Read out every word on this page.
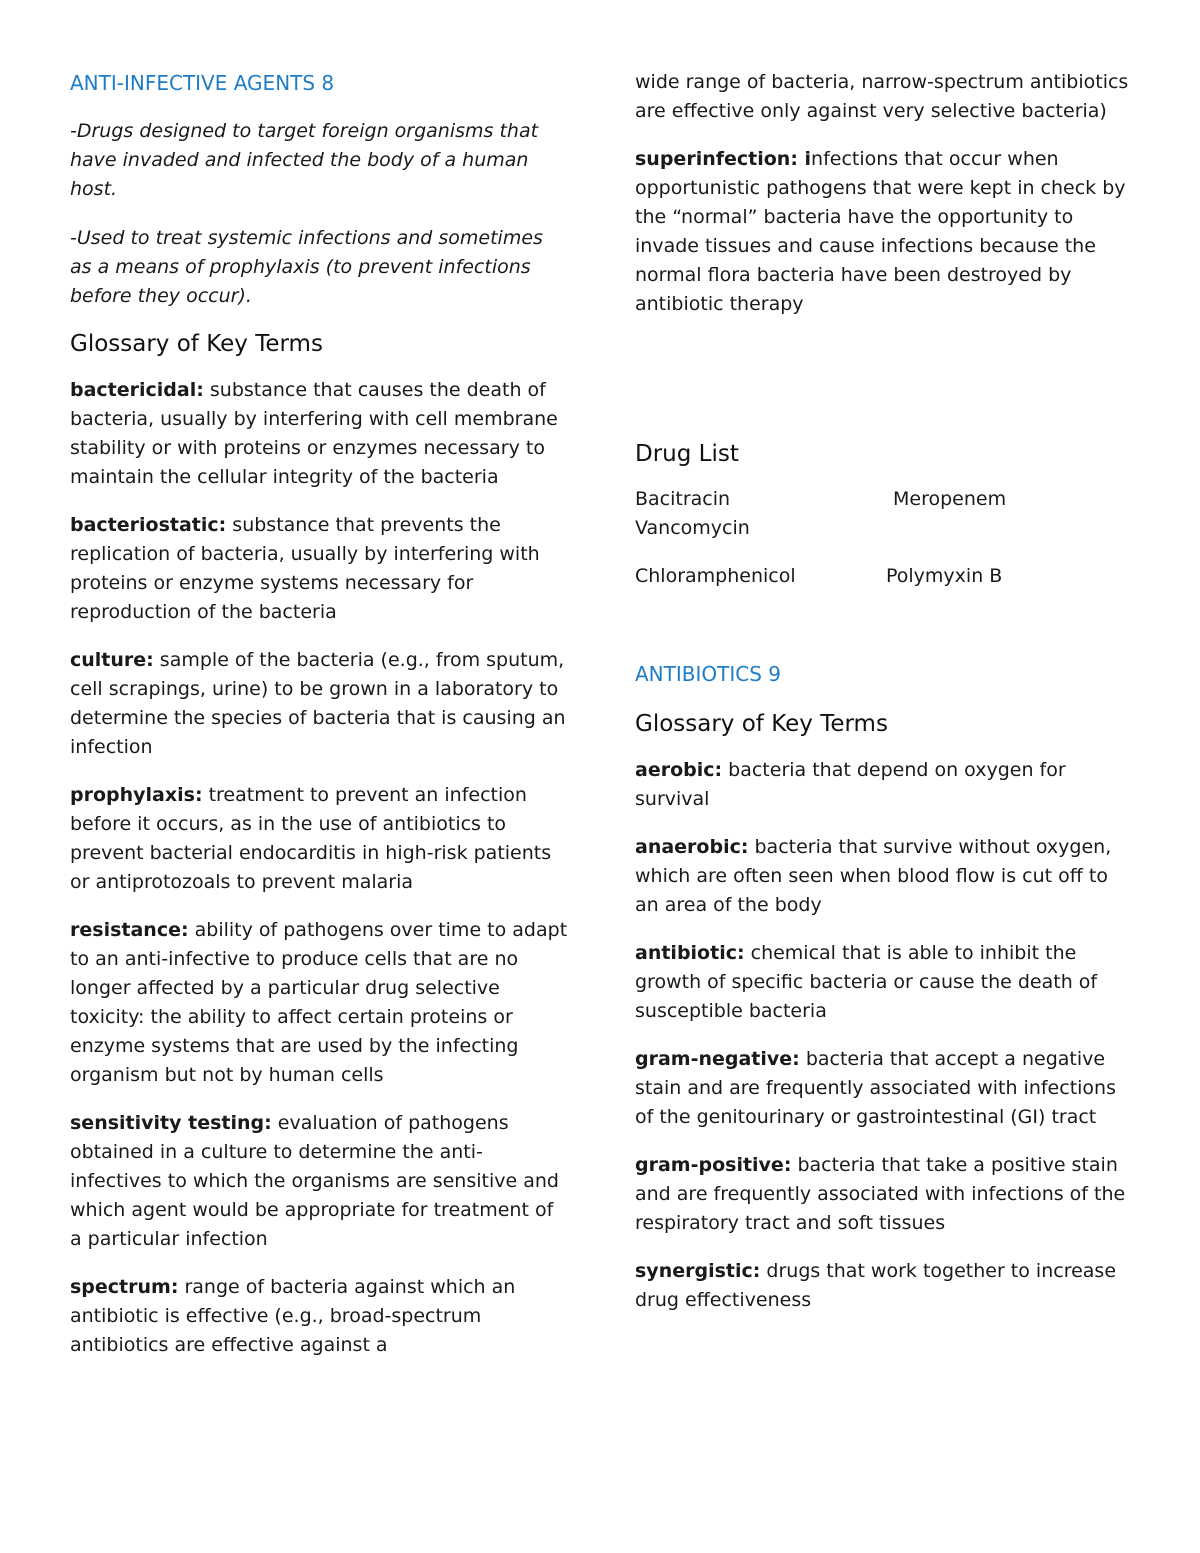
ANTI-INFECTIVE AGENTS 8

-Drugs designed to target foreign organisms that have invaded and infected the body of a human host.

-Used to treat systemic infections and sometimes as a means of prophylaxis (to prevent infections before they occur).

Glossary of Key Terms

bactericidal: substance that causes the death of bacteria, usually by interfering with cell membrane stability or with proteins or enzymes necessary to maintain the cellular integrity of the bacteria

bacteriostatic: substance that prevents the replication of bacteria, usually by interfering with proteins or enzyme systems necessary for reproduction of the bacteria

culture: sample of the bacteria (e.g., from sputum, cell scrapings, urine) to be grown in a laboratory to determine the species of bacteria that is causing an infection

prophylaxis: treatment to prevent an infection before it occurs, as in the use of antibiotics to prevent bacterial endocarditis in high-risk patients or antiprotozoals to prevent malaria

resistance: ability of pathogens over time to adapt to an anti-infective to produce cells that are no longer affected by a particular drug selective toxicity: the ability to affect certain proteins or enzyme systems that are used by the infecting organism but not by human cells

sensitivity testing: evaluation of pathogens obtained in a culture to determine the anti-infectives to which the organisms are sensitive and which agent would be appropriate for treatment of a particular infection

spectrum: range of bacteria against which an antibiotic is effective (e.g., broad-spectrum antibiotics are effective against a

wide range of bacteria, narrow-spectrum antibiotics are effective only against very selective bacteria)

superinfection: infections that occur when opportunistic pathogens that were kept in check by the “normal” bacteria have the opportunity to invade tissues and cause infections because the normal flora bacteria have been destroyed by antibiotic therapy

Drug List

Bacitracin	Meropenem
Vancomycin
Chloramphenicol	Polymyxin B

ANTIBIOTICS 9

Glossary of Key Terms

aerobic: bacteria that depend on oxygen for survival

anaerobic: bacteria that survive without oxygen, which are often seen when blood flow is cut off to an area of the body

antibiotic: chemical that is able to inhibit the growth of specific bacteria or cause the death of susceptible bacteria

gram-negative: bacteria that accept a negative stain and are frequently associated with infections of the genitourinary or gastrointestinal (GI) tract

gram-positive: bacteria that take a positive stain and are frequently associated with infections of the respiratory tract and soft tissues

synergistic: drugs that work together to increase drug effectiveness
